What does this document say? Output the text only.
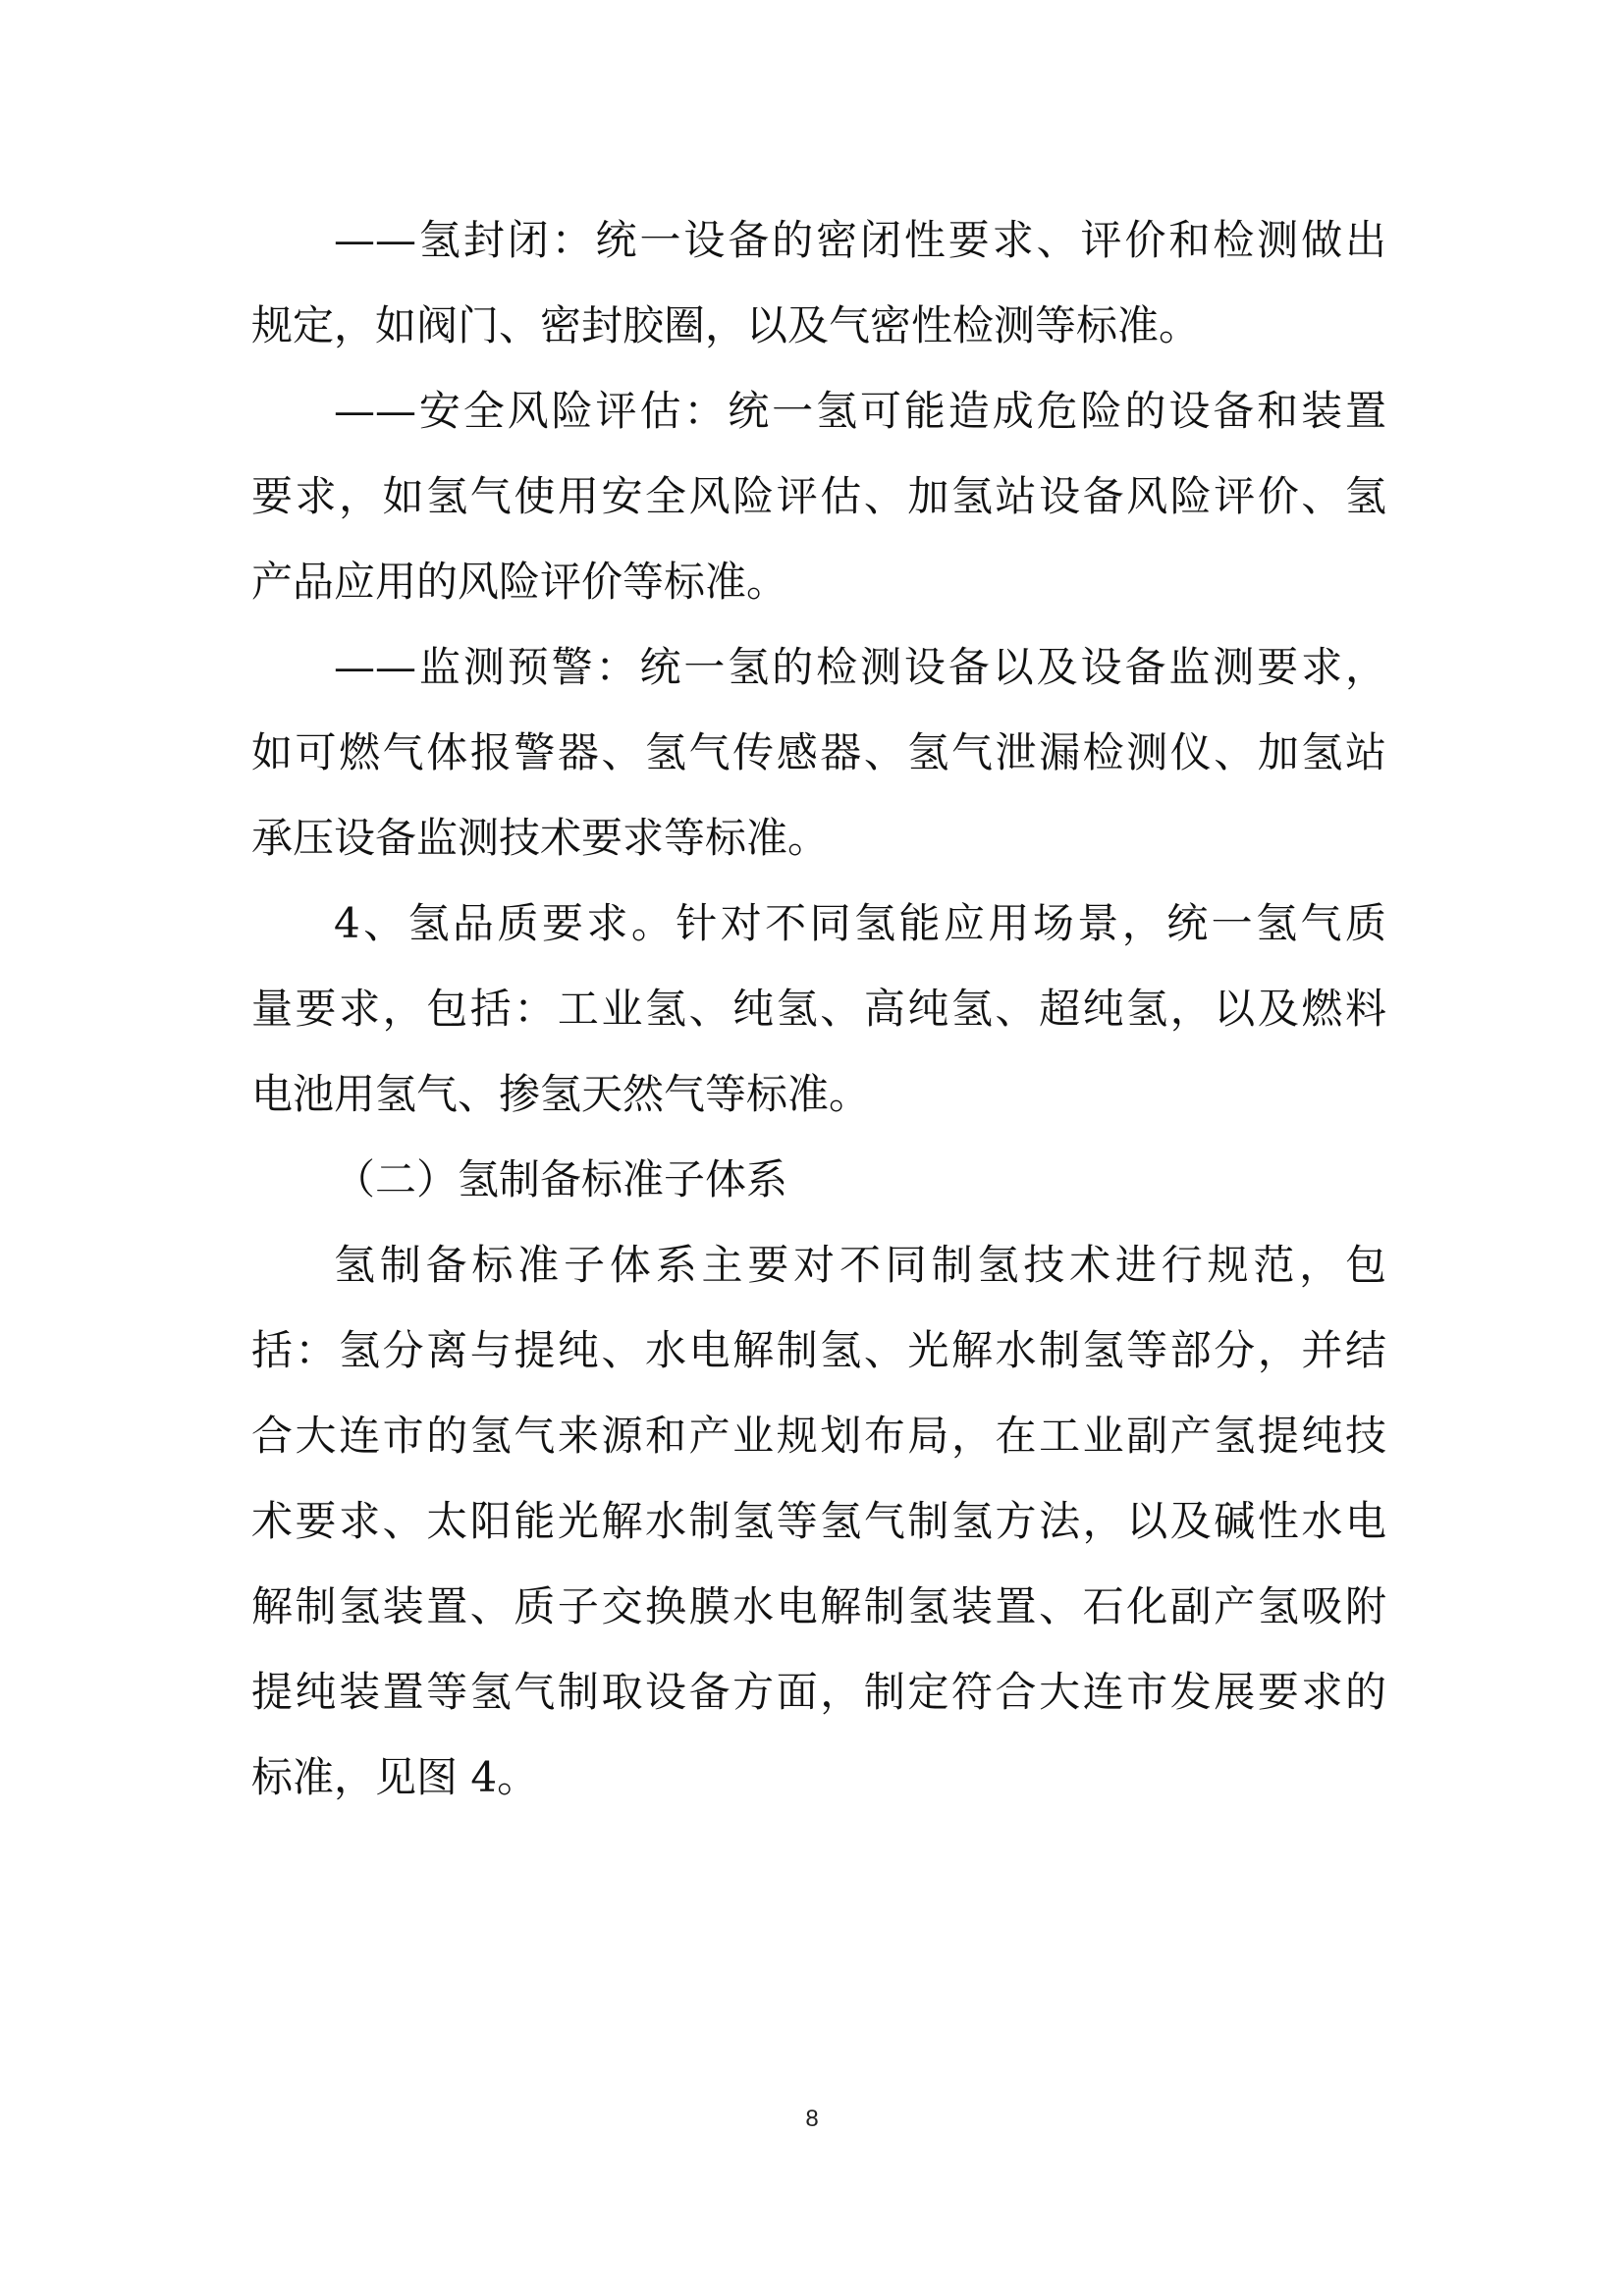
——氢封闭：统一设备的密闭性要求、评价和检测做出
规定，如阀门、密封胶圈，以及气密性检测等标准。
——安全风险评估：统一氢可能造成危险的设备和装置
要求，如氢气使用安全风险评估、加氢站设备风险评价、氢
产品应用的风险评价等标准。
——监测预警：统一氢的检测设备以及设备监测要求，
如可燃气体报警器、氢气传感器、氢气泄漏检测仪、加氢站
承压设备监测技术要求等标准。
4、氢品质要求。针对不同氢能应用场景，统一氢气质
量要求，包括：工业氢、纯氢、高纯氢、超纯氢，以及燃料
电池用氢气、掺氢天然气等标准。
（二）氢制备标准子体系
氢制备标准子体系主要对不同制氢技术进行规范，包
括：氢分离与提纯、水电解制氢、光解水制氢等部分，并结
合大连市的氢气来源和产业规划布局，在工业副产氢提纯技
术要求、太阳能光解水制氢等氢气制氢方法，以及碱性水电
解制氢装置、质子交换膜水电解制氢装置、石化副产氢吸附
提纯装置等氢气制取设备方面，制定符合大连市发展要求的
标准，见图 4。
8
